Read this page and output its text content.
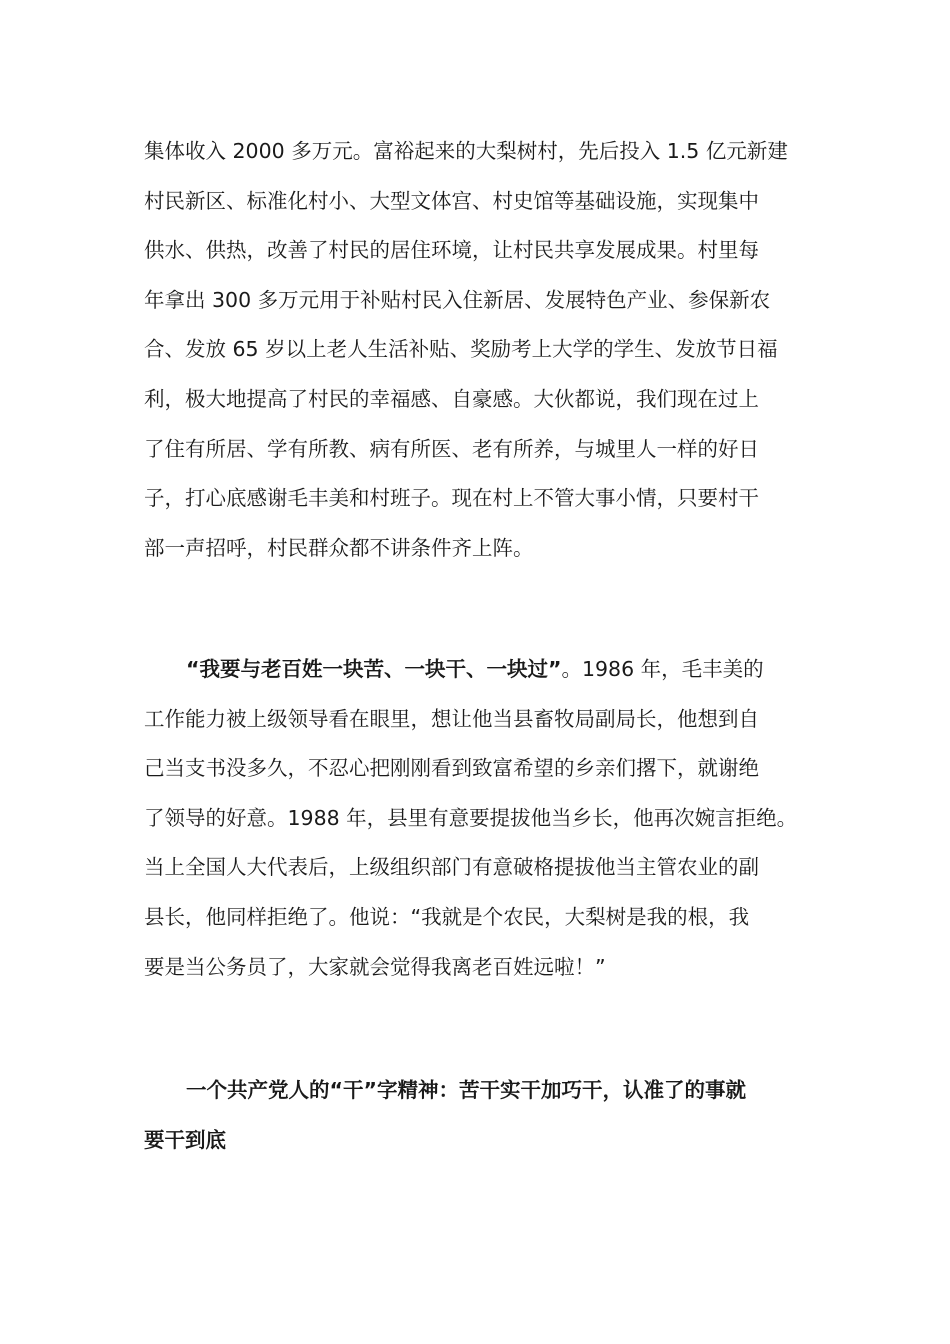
集体收入 2000 多万元。富裕起来的大梨树村，先后投入 1.5 亿元新建
村民新区、标准化村小、大型文体宫、村史馆等基础设施，实现集中
供水、供热，改善了村民的居住环境，让村民共享发展成果。村里每
年拿出 300 多万元用于补贴村民入住新居、发展特色产业、参保新农
合、发放 65 岁以上老人生活补贴、奖励考上大学的学生、发放节日福
利，极大地提高了村民的幸福感、自豪感。大伙都说，我们现在过上
了住有所居、学有所教、病有所医、老有所养，与城里人一样的好日
子，打心底感谢毛丰美和村班子。现在村上不管大事小情，只要村干
部一声招呼，村民群众都不讲条件齐上阵。
“我要与老百姓一块苦、一块干、一块过”。1986 年，毛丰美的
工作能力被上级领导看在眼里，想让他当县畜牧局副局长，他想到自
己当支书没多久，不忍心把刚刚看到致富希望的乡亲们撂下，就谢绝
了领导的好意。1988 年，县里有意要提拔他当乡长，他再次婉言拒绝。
当上全国人大代表后，上级组织部门有意破格提拔他当主管农业的副
县长，他同样拒绝了。他说：“我就是个农民，大梨树是我的根，我
要是当公务员了，大家就会觉得我离老百姓远啦！”
一个共产党人的“干”字精神：苦干实干加巧干，认准了的事就
要干到底
